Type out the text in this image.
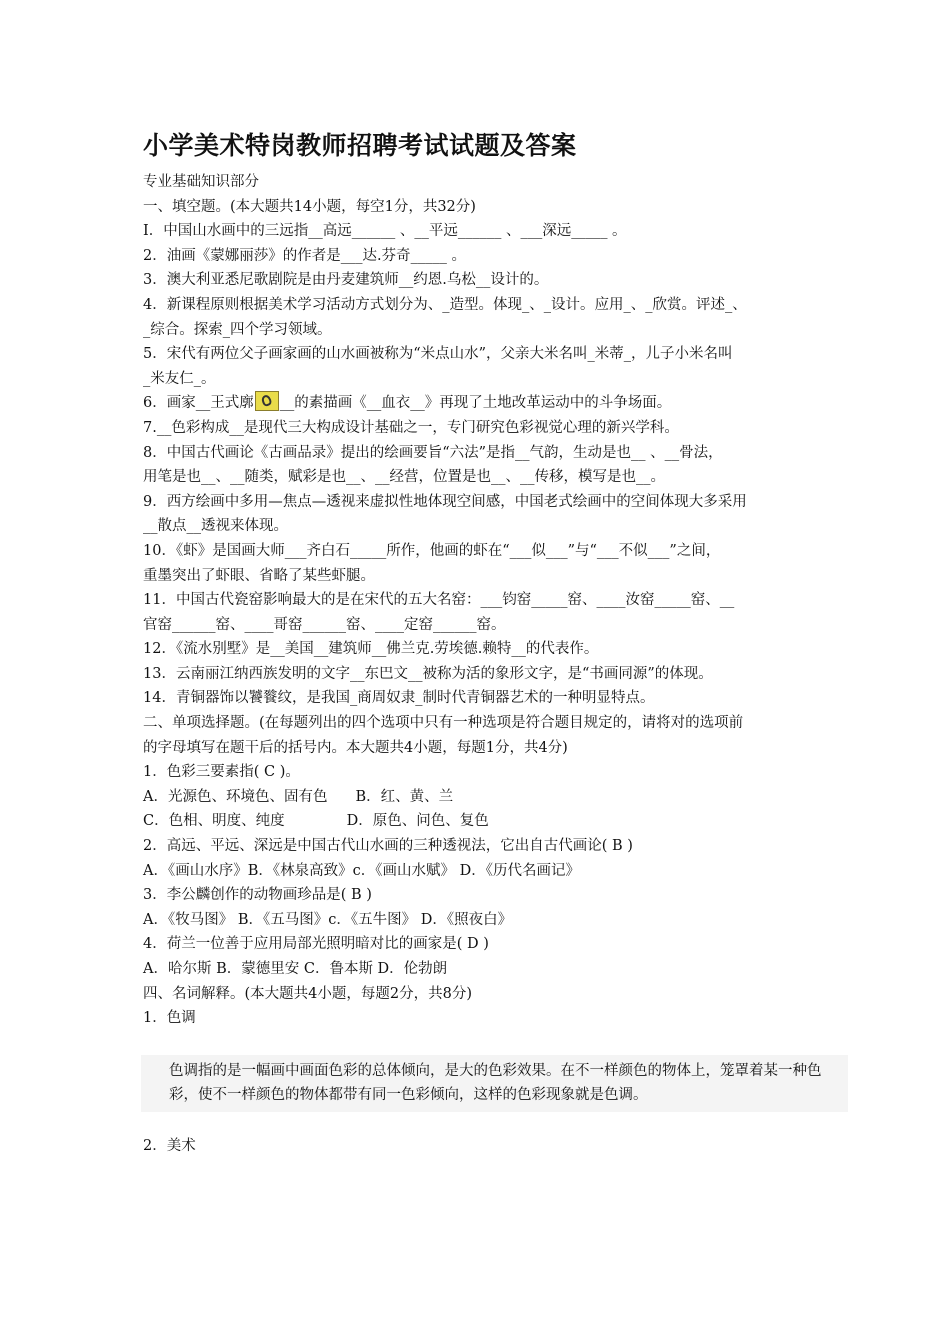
小学美术特岗教师招聘考试试题及答案
专业基础知识部分
一、填空题。(本大题共14小题，每空1分，共32分)
I．中国山水画中的三远指__高远______ 、__平远______ 、___深远_____ 。
2．油画《蒙娜丽莎》的作者是___达.芬奇_____ 。
3．澳大利亚悉尼歌剧院是由丹麦建筑师__约恩.乌松__设计的。
4．新课程原则根据美术学习活动方式划分为、_造型。体现_、_设计。应用_、_欣赏。评述_、
_综合。探索_四个学习领域。
5．宋代有两位父子画家画的山水画被称为“米点山水”，父亲大米名叫_米蒂_，儿子小米名叫
_米友仁_。
6．画家__王式廓 __的素描画《__血衣__》再现了土地改革运动中的斗争场面。
7.__色彩构成__是现代三大构成设计基础之一，专门研究色彩视觉心理的新兴学科。
8．中国古代画论《古画品录》提出的绘画要旨“六法”是指__气韵，生动是也__ 、__骨法，
用笔是也__、__随类，赋彩是也__、__经营，位置是也__、__传移，模写是也__。
9．西方绘画中多用—焦点—透视来虚拟性地体现空间感，中国老式绘画中的空间体现大多采用
__散点__透视来体现。
10．《虾》是国画大师___齐白石_____所作，他画的虾在“___似___”与“___不似___”之间，
重墨突出了虾眼、省略了某些虾腿。
11．中国古代瓷窑影响最大的是在宋代的五大名窑：___钧窑_____窑、____汝窑_____窑、__
官窑______窑、____哥窑______窑、____定窑______窑。
12．《流水别墅》是__美国__建筑师__佛兰克.劳埃德.赖特__的代表作。
13．云南丽江纳西族发明的文字__东巴文__被称为活的象形文字，是“书画同源”的体现。
14．青铜器饰以饕餮纹，是我国_商周奴隶_制时代青铜器艺术的一种明显特点。
二、单项选择题。(在每题列出的四个选项中只有一种选项是符合题目规定的，请将对的选项前
的字母填写在题干后的括号内。本大题共4小题，每题1分，共4分)
1．色彩三要素指( C )。
A．光源色、环境色、固有色 B．红、黄、兰
C．色相、明度、纯度	D．原色、问色、复色
2．高远、平远、深远是中国古代山水画的三种透视法，它出自古代画论( B )
A．《画山水序》B．《林泉高致》c．《画山水赋》 D．《历代名画记》
3．李公麟创作的动物画珍品是( B )
A．《牧马图》 B．《五马图》c．《五牛图》 D．《照夜白》
4．荷兰一位善于应用局部光照明暗对比的画家是( D )
A．哈尔斯 B．蒙德里安 C．鲁本斯 D．伦勃朗
四、名词解释。(本大题共4小题，每题2分，共8分)
1．色调
色调指的是一幅画中画面色彩的总体倾向，是大的色彩效果。在不一样颜色的物体上，笼罩着某一种色彩，使不一样颜色的物体都带有同一色彩倾向，这样的色彩现象就是色调。
2．美术
